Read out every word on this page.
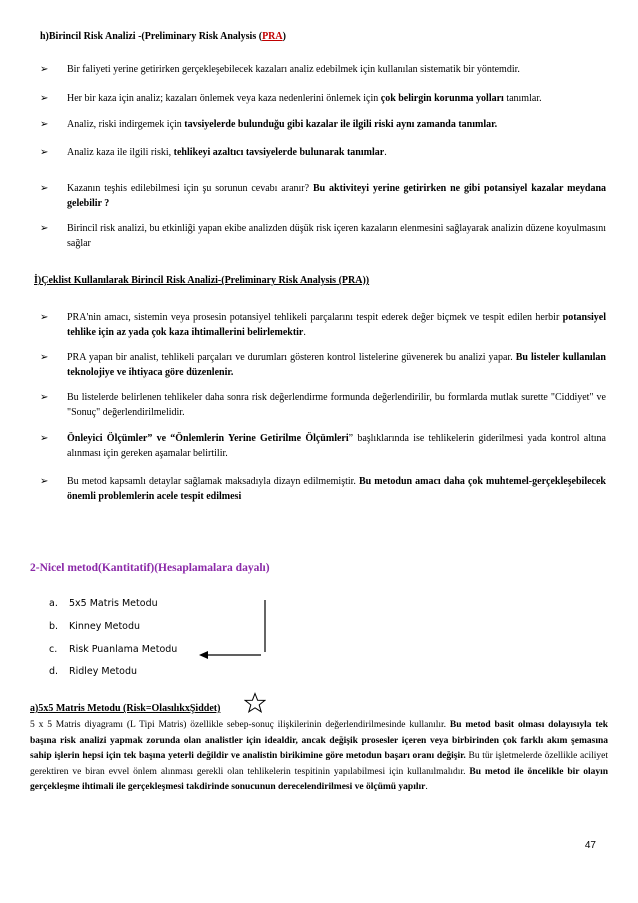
h)Birincil Risk Analizi -(Preliminary Risk Analysis (PRA)
➢ Bir faliyeti yerine getirirken gerçekleşebilecek kazaları analiz edebilmek için kullanılan sistematik bir yöntemdir.
➢ Her bir kaza için analiz; kazaları önlemek veya kaza nedenlerini önlemek için çok belirgin korunma yolları tanımlar.
➢ Analiz, riski indirgemek için tavsiyelerde bulunduğu gibi kazalar ile ilgili riski aynı zamanda tanımlar.
➢ Analiz kaza ile ilgili riski, tehlikeyi azaltıcı tavsiyelerde bulunarak tanımlar.
➢ Kazanın teşhis edilebilmesi için şu sorunun cevabı aranır? Bu aktiviteyi yerine getirirken ne gibi potansiyel kazalar meydana gelebilir ?
➢ Birincil risk analizi, bu etkinliği yapan ekibe analizden düşük risk içeren kazaların elenmesini sağlayarak analizin düzene koyulmasını sağlar
İ)Çeklist Kullanılarak Birincil Risk Analizi-(Preliminary Risk Analysis (PRA))
➢ PRA'nin amacı, sistemin veya prosesin potansiyel tehlikeli parçalarını tespit ederek değer biçmek ve tespit edilen herbir potansiyel tehlike için az yada çok kaza ihtimallerini belirlemektir.
➢ PRA yapan bir analist, tehlikeli parçaları ve durumları gösteren kontrol listelerine güvenerek bu analizi yapar. Bu listeler kullanılan teknolojiye ve ihtiyaca göre düzenlenir.
➢ Bu listelerde belirlenen tehlikeler daha sonra risk değerlendirme formunda değerlendirilir, bu formlarda mutlak surette "Ciddiyet" ve "Sonuç" değerlendirilmelidir.
➢ Önleyici Ölçümler” ve “Önlemlerin Yerine Getirilme Ölçümleri” başlıklarında ise tehlikelerin giderilmesi yada kontrol altına alınması için gereken aşamalar belirtilir.
➢ Bu metod kapsamlı detaylar sağlamak maksadıyla dizayn edilmemiştir. Bu metodun amacı daha çok muhtemel-gerçekleşebilecek önemli problemlerin acele tespit edilmesi
2-Nicel metod(Kantitatif)(Hesaplamalara dayalı)
a. 5x5 Matris Metodu
b. Kinney Metodu
c. Risk Puanlama Metodu
d. Ridley Metodu
a)5x5 Matris Metodu (Risk=OlasılıkxŞiddet)
5 x 5 Matris diyagramı (L Tipi Matris) özellikle sebep-sonuç ilişkilerinin değerlendirilmesinde kullanılır. Bu metod basit olması dolayısıyla tek başına risk analizi yapmak zorunda olan analistler için idealdir, ancak değişik prosesler içeren veya birbirinden çok farklı akım şemasına sahip işlerin hepsi için tek başına yeterli değildir ve analistin birikimine göre metodun başarı oranı değişir. Bu tür işletmelerde özellikle aciliyet gerektiren ve biran evvel önlem alınması gerekli olan tehlikelerin tespitinin yapılabilmesi için kullanılmalıdır. Bu metod ile öncelikle bir olayın gerçekleşme ihtimali ile gerçekleşmesi takdirinde sonucunun derecelendirilmesi ve ölçümü yapılır.
47
